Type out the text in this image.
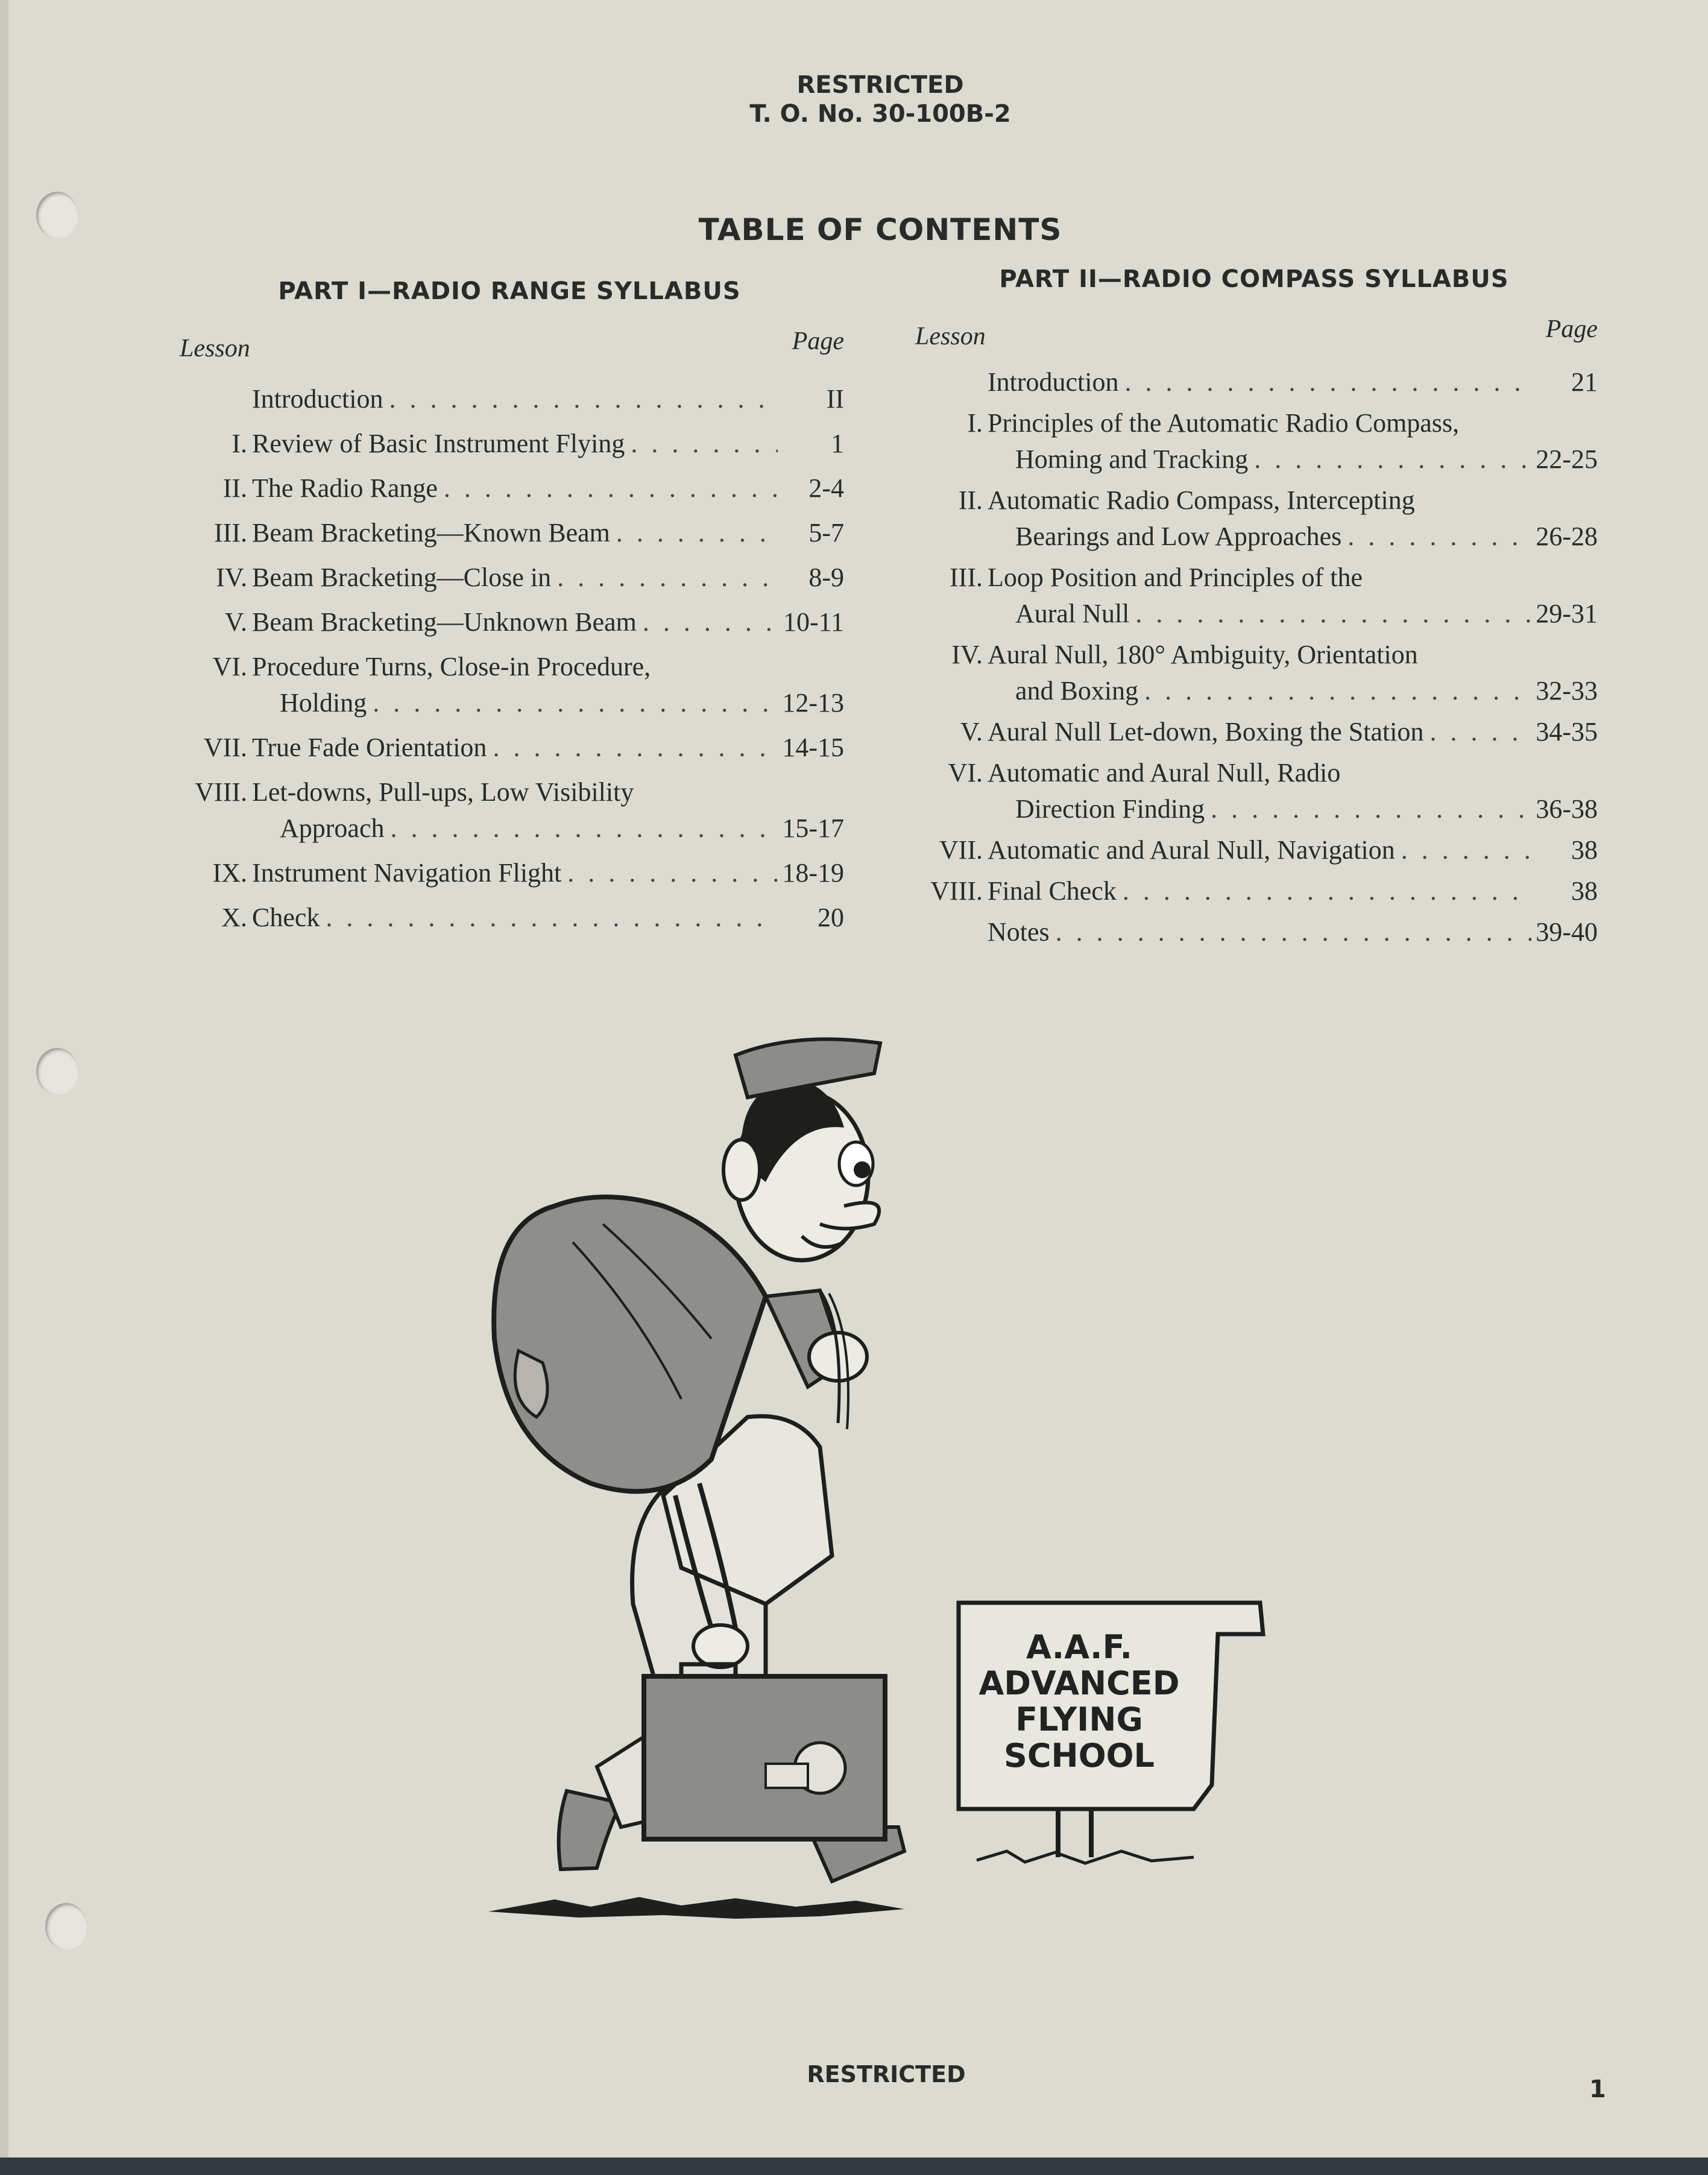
RESTRICTED
T. O. No. 30-100B-2
TABLE OF CONTENTS
PART I—RADIO RANGE SYLLABUS
Lesson	Page
Introduction . . .	II
I. Review of Basic Instrument Flying . . .	1
II. The Radio Range . . .	2-4
III. Beam Bracketing—Known Beam . . .	5-7
IV. Beam Bracketing—Close in . . .	8-9
V. Beam Bracketing—Unknown Beam . . .	10-11
VI. Procedure Turns, Close-in Procedure,
Holding . . .	12-13
VII. True Fade Orientation . . .	14-15
VIII. Let-downs, Pull-ups, Low Visibility
Approach . . .	15-17
IX. Instrument Navigation Flight . . .	18-19
X. Check . . .	20
PART II—RADIO COMPASS SYLLABUS
Lesson	Page
Introduction . . .	21
I. Principles of the Automatic Radio Compass,
Homing and Tracking . . .	22-25
II. Automatic Radio Compass, Intercepting
Bearings and Low Approaches . . .	26-28
III. Loop Position and Principles of the
Aural Null . . .	29-31
IV. Aural Null, 180° Ambiguity, Orientation
and Boxing . . .	32-33
V. Aural Null Let-down, Boxing the Station . . .	34-35
VI. Automatic and Aural Null, Radio
Direction Finding . . .	36-38
VII. Automatic and Aural Null, Navigation . . .	38
VIII. Final Check . . .	38
Notes . . .	39-40
A.A.F.
ADVANCED
FLYING
SCHOOL
RESTRICTED
1
